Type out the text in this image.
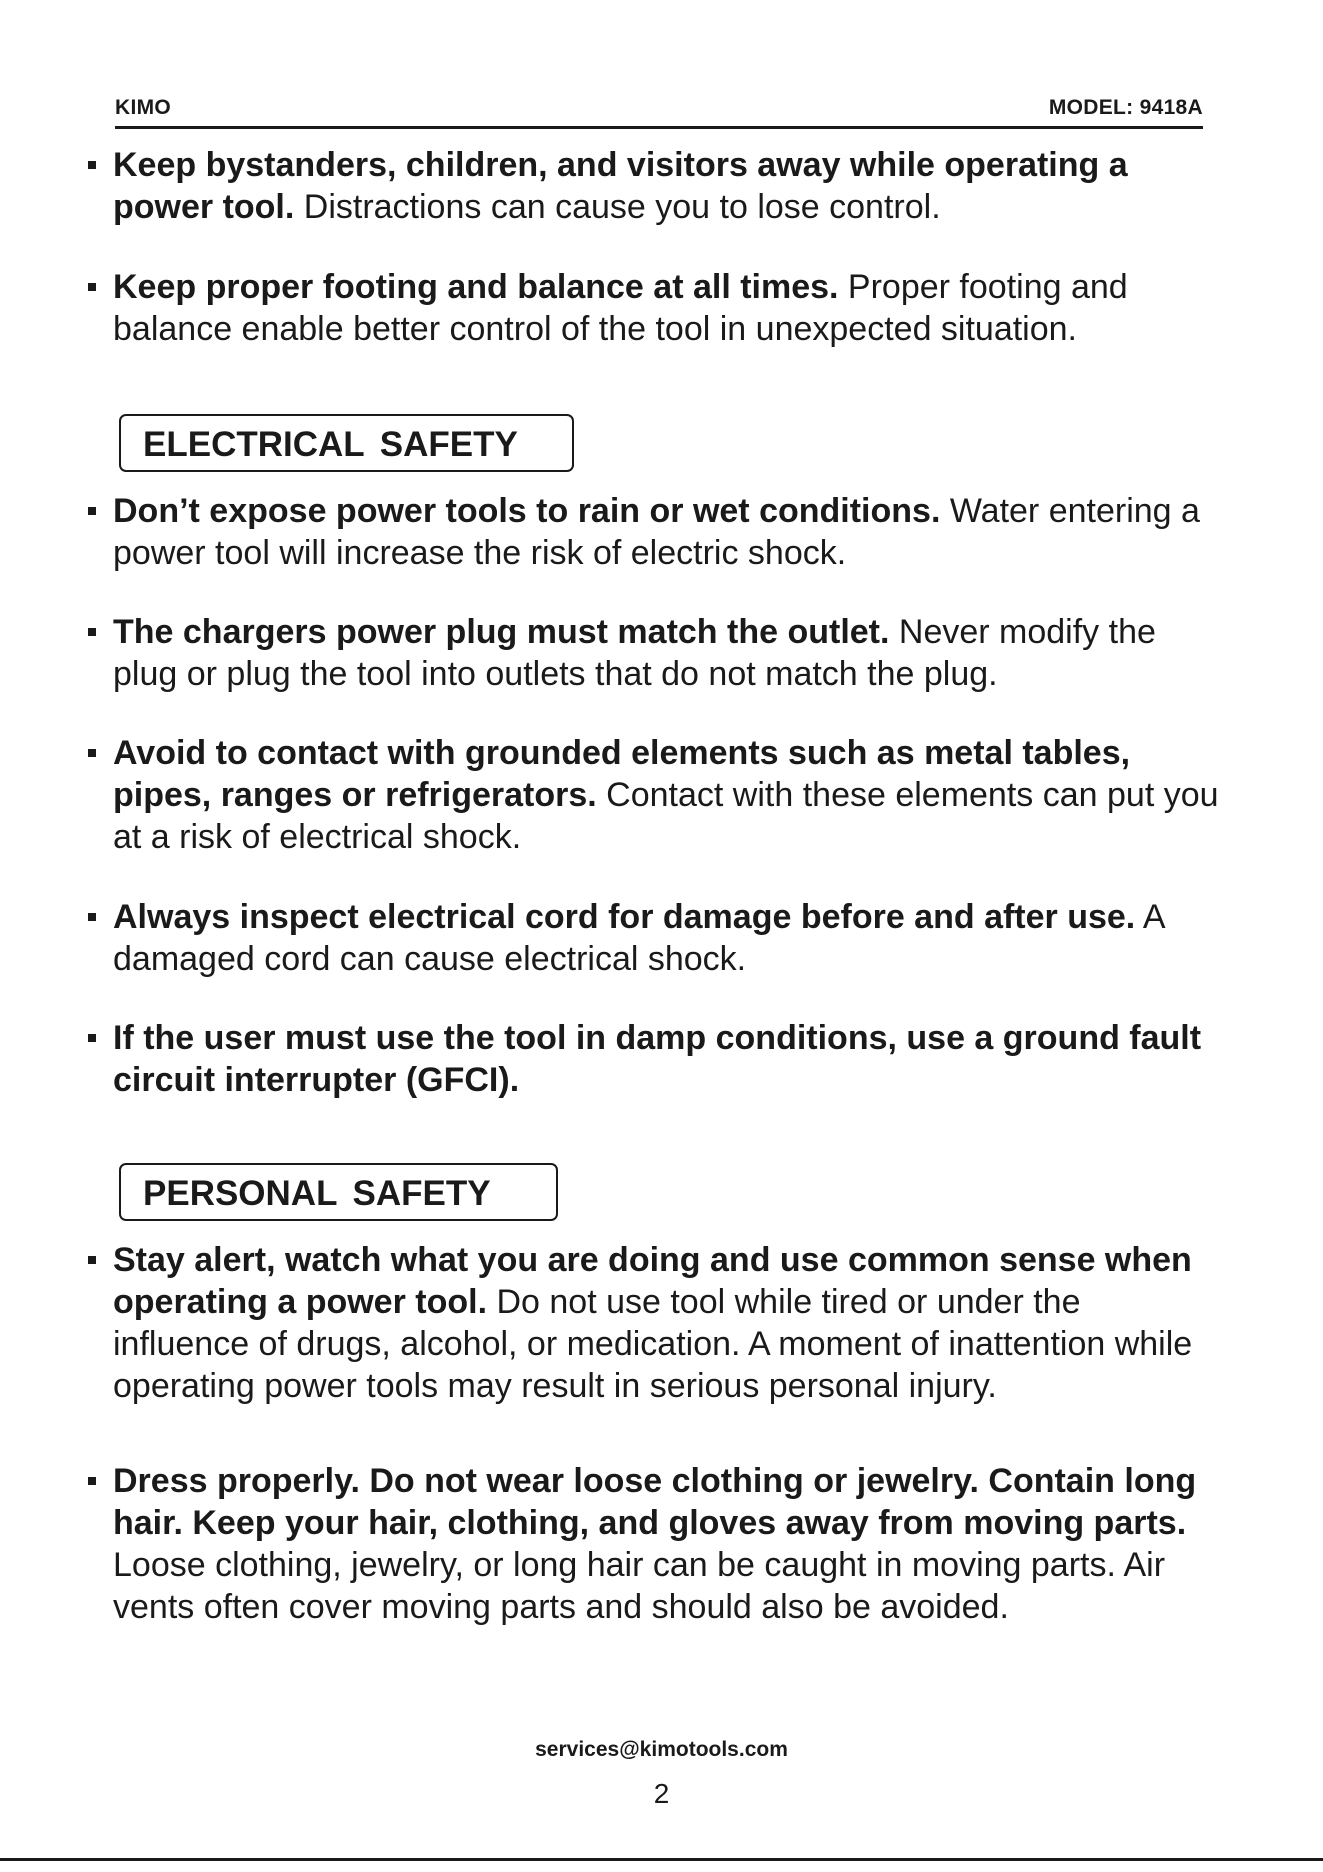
KIMO	MODEL: 9418A
Keep bystanders, children, and visitors away while operating a power tool. Distractions can cause you to lose control.
Keep proper footing and balance at all times. Proper footing and balance enable better control of the tool in unexpected situation.
ELECTRICAL SAFETY
Don’t expose power tools to rain or wet conditions. Water entering a power tool will increase the risk of electric shock.
The chargers power plug must match the outlet. Never modify the plug or plug the tool into outlets that do not match the plug.
Avoid to contact with grounded elements such as metal tables, pipes, ranges or refrigerators. Contact with these elements can put you at a risk of electrical shock.
Always inspect electrical cord for damage before and after use. A damaged cord can cause electrical shock.
If the user must use the tool in damp conditions, use a ground fault circuit interrupter (GFCI).
PERSONAL SAFETY
Stay alert, watch what you are doing and use common sense when operating a power tool. Do not use tool while tired or under the influence of drugs, alcohol, or medication. A moment of inattention while operating power tools may result in serious personal injury.
Dress properly. Do not wear loose clothing or jewelry. Contain long hair. Keep your hair, clothing, and gloves away from moving parts. Loose clothing, jewelry, or long hair can be caught in moving parts. Air vents often cover moving parts and should also be avoided.
services@kimotools.com
2
